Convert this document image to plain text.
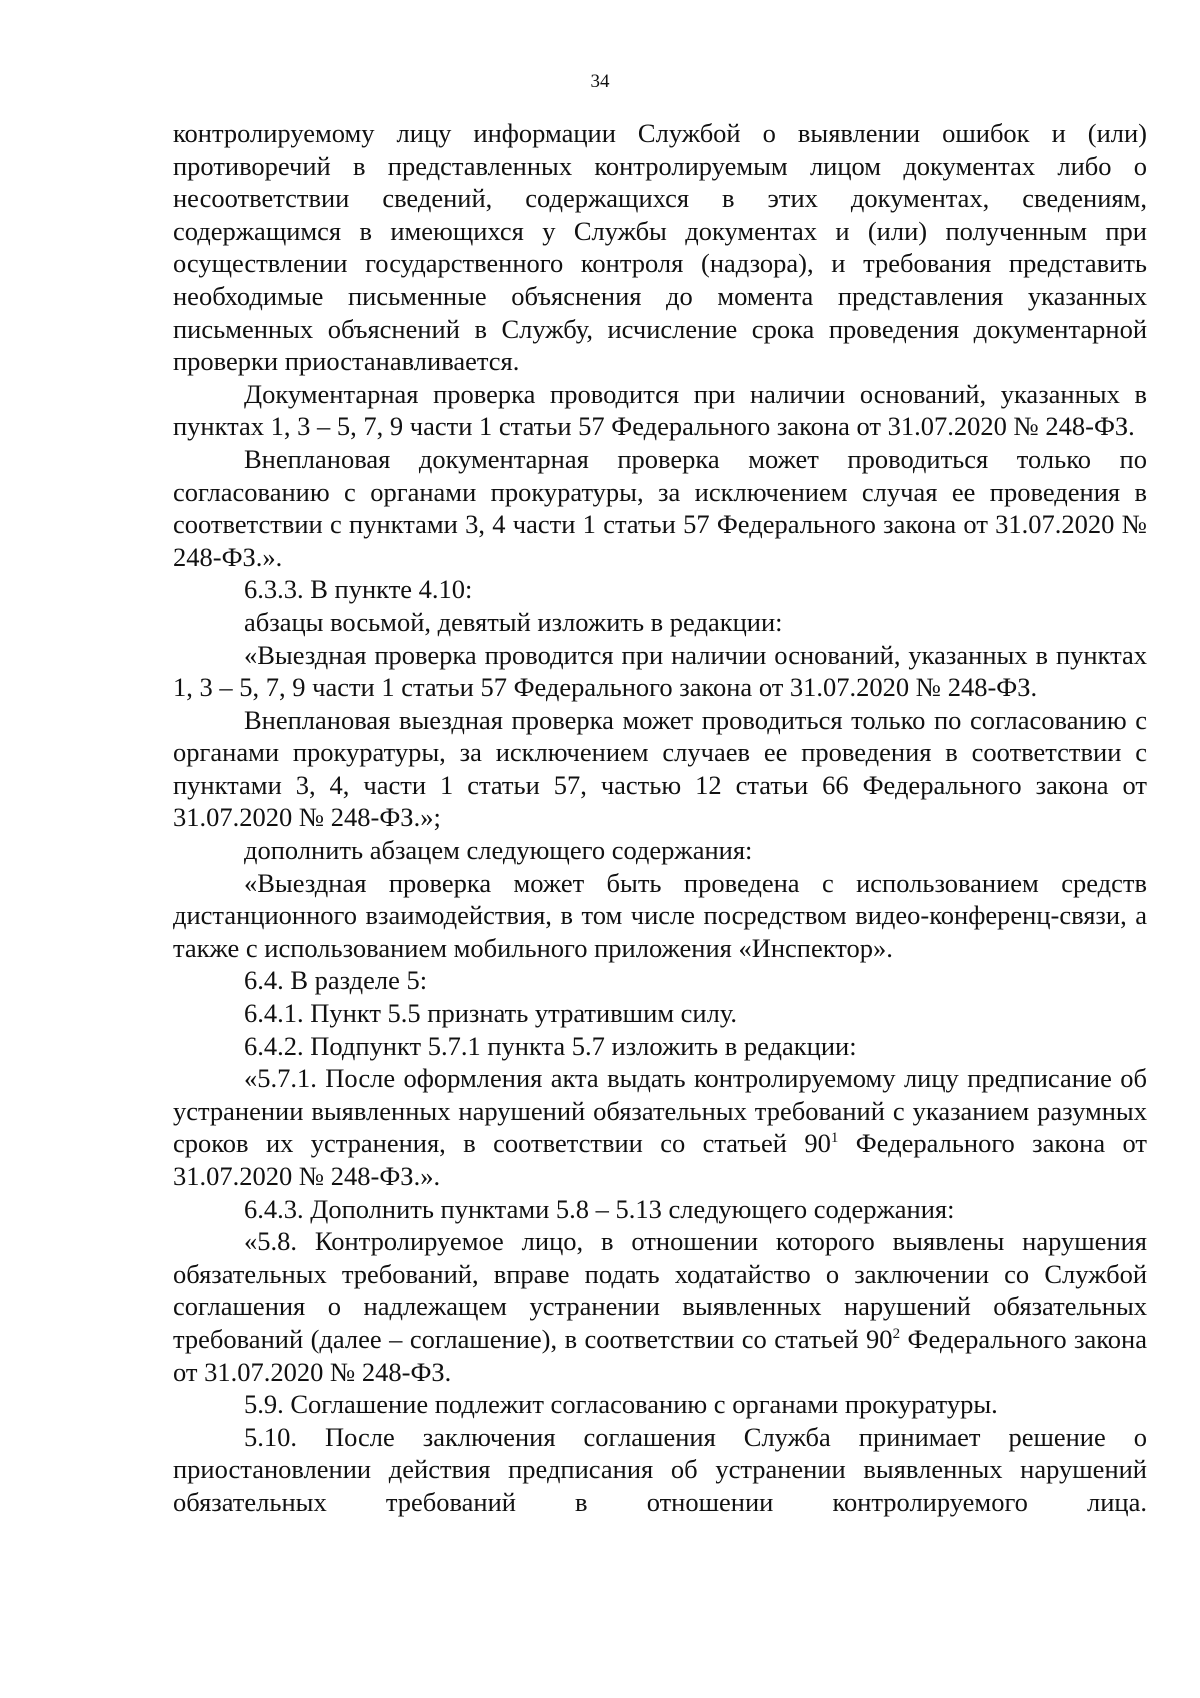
34

контролируемому лицу информации Службой о выявлении ошибок и (или) противоречий в представленных контролируемым лицом документах либо о несоответствии сведений, содержащихся в этих документах, сведениям, содержащимся в имеющихся у Службы документах и (или) полученным при осуществлении государственного контроля (надзора), и требования представить необходимые письменные объяснения до момента представления указанных письменных объяснений в Службу, исчисление срока проведения документарной проверки приостанавливается.

Документарная проверка проводится при наличии оснований, указанных в пунктах 1, 3 – 5, 7, 9 части 1 статьи 57 Федерального закона от 31.07.2020 № 248-ФЗ.

Внеплановая документарная проверка может проводиться только по согласованию с органами прокуратуры, за исключением случая ее проведения в соответствии с пунктами 3, 4 части 1 статьи 57 Федерального закона от 31.07.2020 № 248-ФЗ.».

6.3.3. В пункте 4.10:

абзацы восьмой, девятый изложить в редакции:

«Выездная проверка проводится при наличии оснований, указанных в пунктах 1, 3 – 5, 7, 9 части 1 статьи 57 Федерального закона от 31.07.2020 № 248-ФЗ.

Внеплановая выездная проверка может проводиться только по согласованию с органами прокуратуры, за исключением случаев ее проведения в соответствии с пунктами 3, 4, части 1 статьи 57, частью 12 статьи 66 Федерального закона от 31.07.2020 № 248-ФЗ.»;

дополнить абзацем следующего содержания:

«Выездная проверка может быть проведена с использованием средств дистанционного взаимодействия, в том числе посредством видео-конференц-связи, а также с использованием мобильного приложения «Инспектор».

6.4. В разделе 5:

6.4.1. Пункт 5.5 признать утратившим силу.

6.4.2. Подпункт 5.7.1 пункта 5.7 изложить в редакции:

«5.7.1. После оформления акта выдать контролируемому лицу предписание об устранении выявленных нарушений обязательных требований с указанием разумных сроков их устранения, в соответствии со статьей $90^1$ Федерального закона от 31.07.2020 № 248-ФЗ.».

6.4.3. Дополнить пунктами 5.8 – 5.13 следующего содержания:

«5.8. Контролируемое лицо, в отношении которого выявлены нарушения обязательных требований, вправе подать ходатайство о заключении со Службой соглашения о надлежащем устранении выявленных нарушений обязательных требований (далее – соглашение), в соответствии со статьей $90^2$ Федерального закона от 31.07.2020 № 248-ФЗ.

5.9. Соглашение подлежит согласованию с органами прокуратуры.

5.10. После заключения соглашения Служба принимает решение о приостановлении действия предписания об устранении выявленных нарушений обязательных требований в отношении контролируемого лица.
